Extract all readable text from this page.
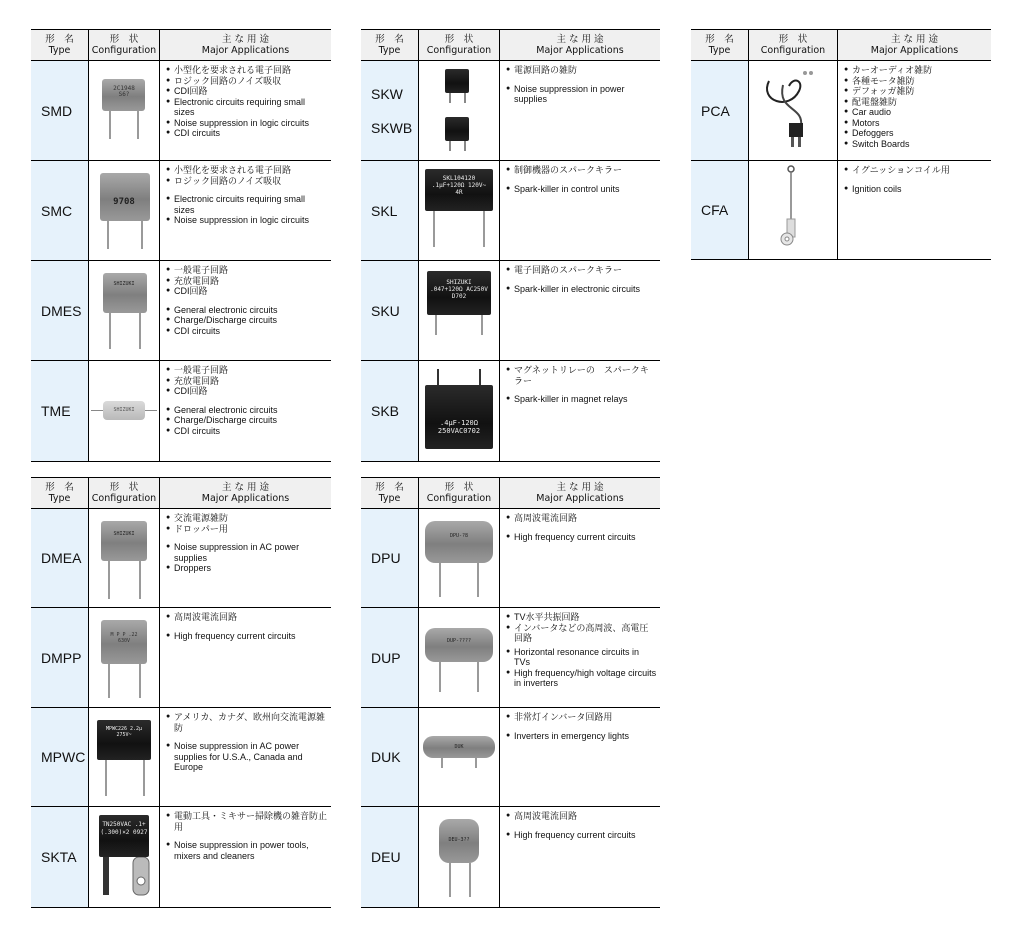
形　名
Type
形　状
Configuration
主 な 用 途
Major Applications
SMD
2C1948
S6?
● 小型化を要求される電子回路
● ロジック回路のノイズ吸収
● CDI回路
● Electronic circuits requiring small sizes
● Noise suppression in logic circuits
● CDI circuits
SMC
9708
● 小型化を要求される電子回路
● ロジック回路のノイズ吸収
● Electronic circuits requiring small sizes
● Noise suppression in logic circuits
DMES
SHIZUKI
● 一般電子回路
● 充放電回路
● CDI回路
● General electronic circuits
● Charge/Discharge circuits
● CDI circuits
TME	SHIZUKI
● 一般電子回路
● 充放電回路
● CDI回路
● General electronic circuits
● Charge/Discharge circuits
● CDI circuits
形　名
Type
形　状
Configuration
主 な 用 途
Major Applications
SKW
SKWB
● 電源回路の雑防
● Noise suppression in power supplies
SKL
SKL104120 .1μF+120Ω 120V~ 4R
● 制御機器のスパークキラー
● Spark-killer in control units
SKU
SHIZUKI .047+120Ω AC250V D702
● 電子回路のスパークキラー
● Spark-killer in electronic circuits
SKB
.4μF-120Ω 250VAC0702
● マグネットリレーの　スパークキラー
● Spark-killer in magnet relays
形　名
Type
形　状
Configuration
主 な 用 途
Major Applications
PCA
● カーオーディオ雑防
● 各種モータ雑防
● デフォッガ雑防
● 配電盤雑防
● Car audio
● Motors
● Defoggers
● Switch Boards
CFA
● イグニッションコイル用
● Ignition coils
形　名
Type
形　状
Configuration
主 な 用 途
Major Applications
DMEA
SHIZUKI
● 交流電源雑防
● ドロッパー用
● Noise suppression in AC power supplies
● Droppers
DMPP
M P P .22 630V
● 高周波電流回路
● High frequency current circuits
MPWC
MPWC226 2.2μ 275V~
● アメリカ、カナダ、欧州向交流電源雑防
● Noise suppression in AC power supplies for U.S.A., Canada and Europe
SKTA
TN250VAC .1+(.300)×2 0927
● 電動工具・ミキサー掃除機の雑音防止用
● Noise suppression in power tools, mixers and cleaners
形　名
Type
形　状
Configuration
主 な 用 途
Major Applications
DPU
DPU-?8
● 高周波電流回路
● High frequency current circuits
DUP
DUP-????
● TV水平共振回路
● インバータなどの高周波、高電圧回路
● Horizontal resonance circuits in TVs
● High frequency/high voltage circuits in inverters
DUK
DUK
● 非常灯インバータ回路用
● Inverters in emergency lights
DEU
DEU-3??
● 高周波電流回路
● High frequency current circuits
